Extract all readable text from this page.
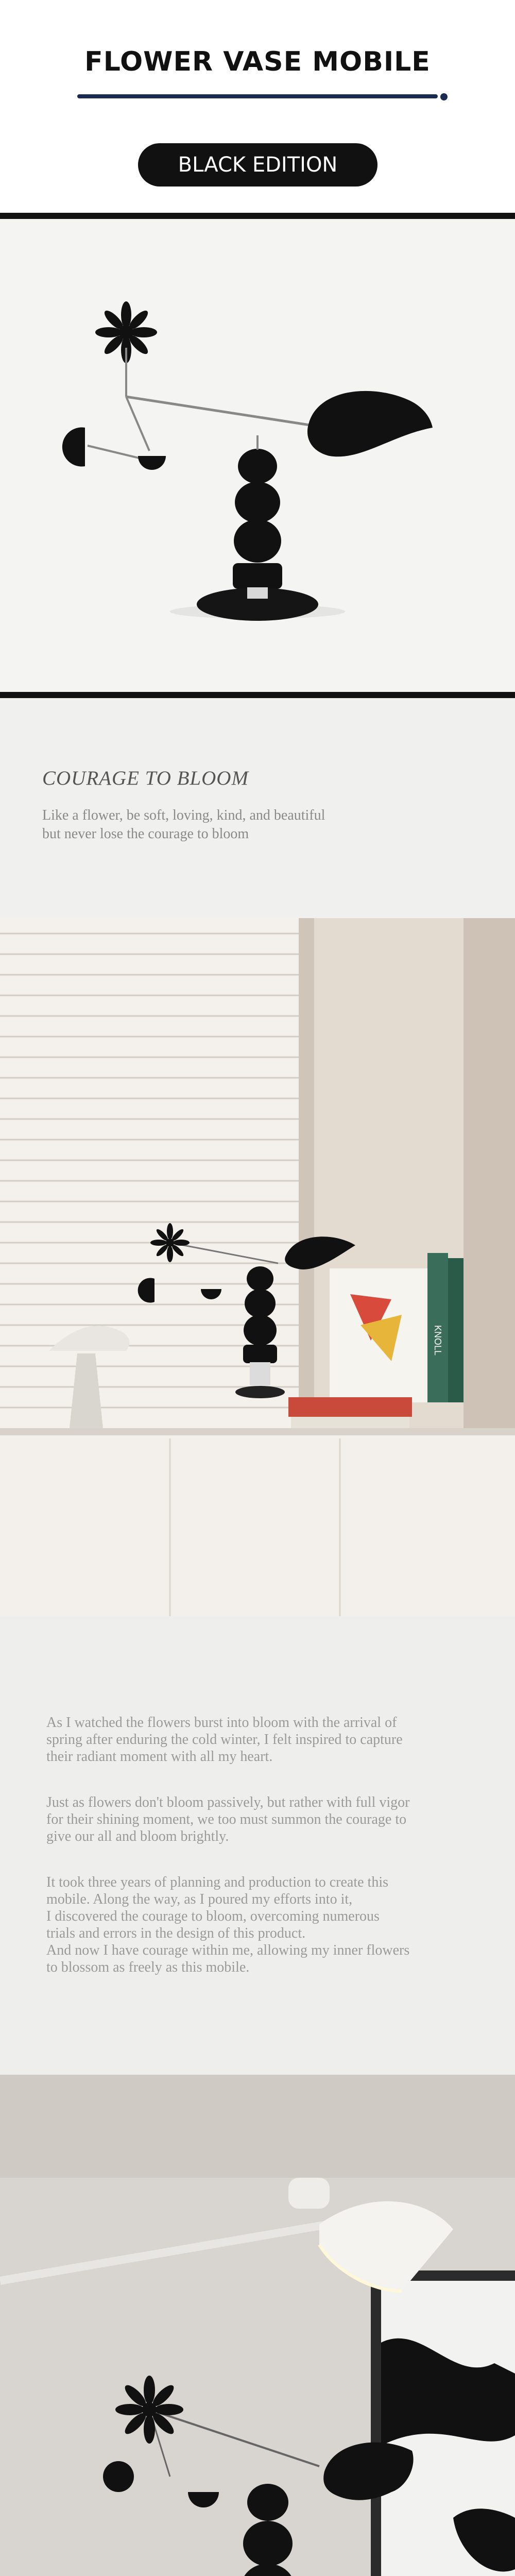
FLOWER VASE MOBILE
BLACK EDITION
COURAGE TO BLOOM
Like a flower, be soft, loving, kind, and beautiful
but never lose the courage to bloom
KNOLL
As I watched the flowers burst into bloom with the arrival of
spring after enduring the cold winter, I felt inspired to capture
their radiant moment with all my heart.
Just as flowers don't bloom passively, but rather with full vigor
for their shining moment, we too must summon the courage to
give our all and bloom brightly.
It took three years of planning and production to create this
mobile. Along the way, as I poured my efforts into it,
I discovered the courage to bloom, overcoming numerous
trials and errors in the design of this product.
And now I have courage within me, allowing my inner flowers
to blossom as freely as this mobile.
